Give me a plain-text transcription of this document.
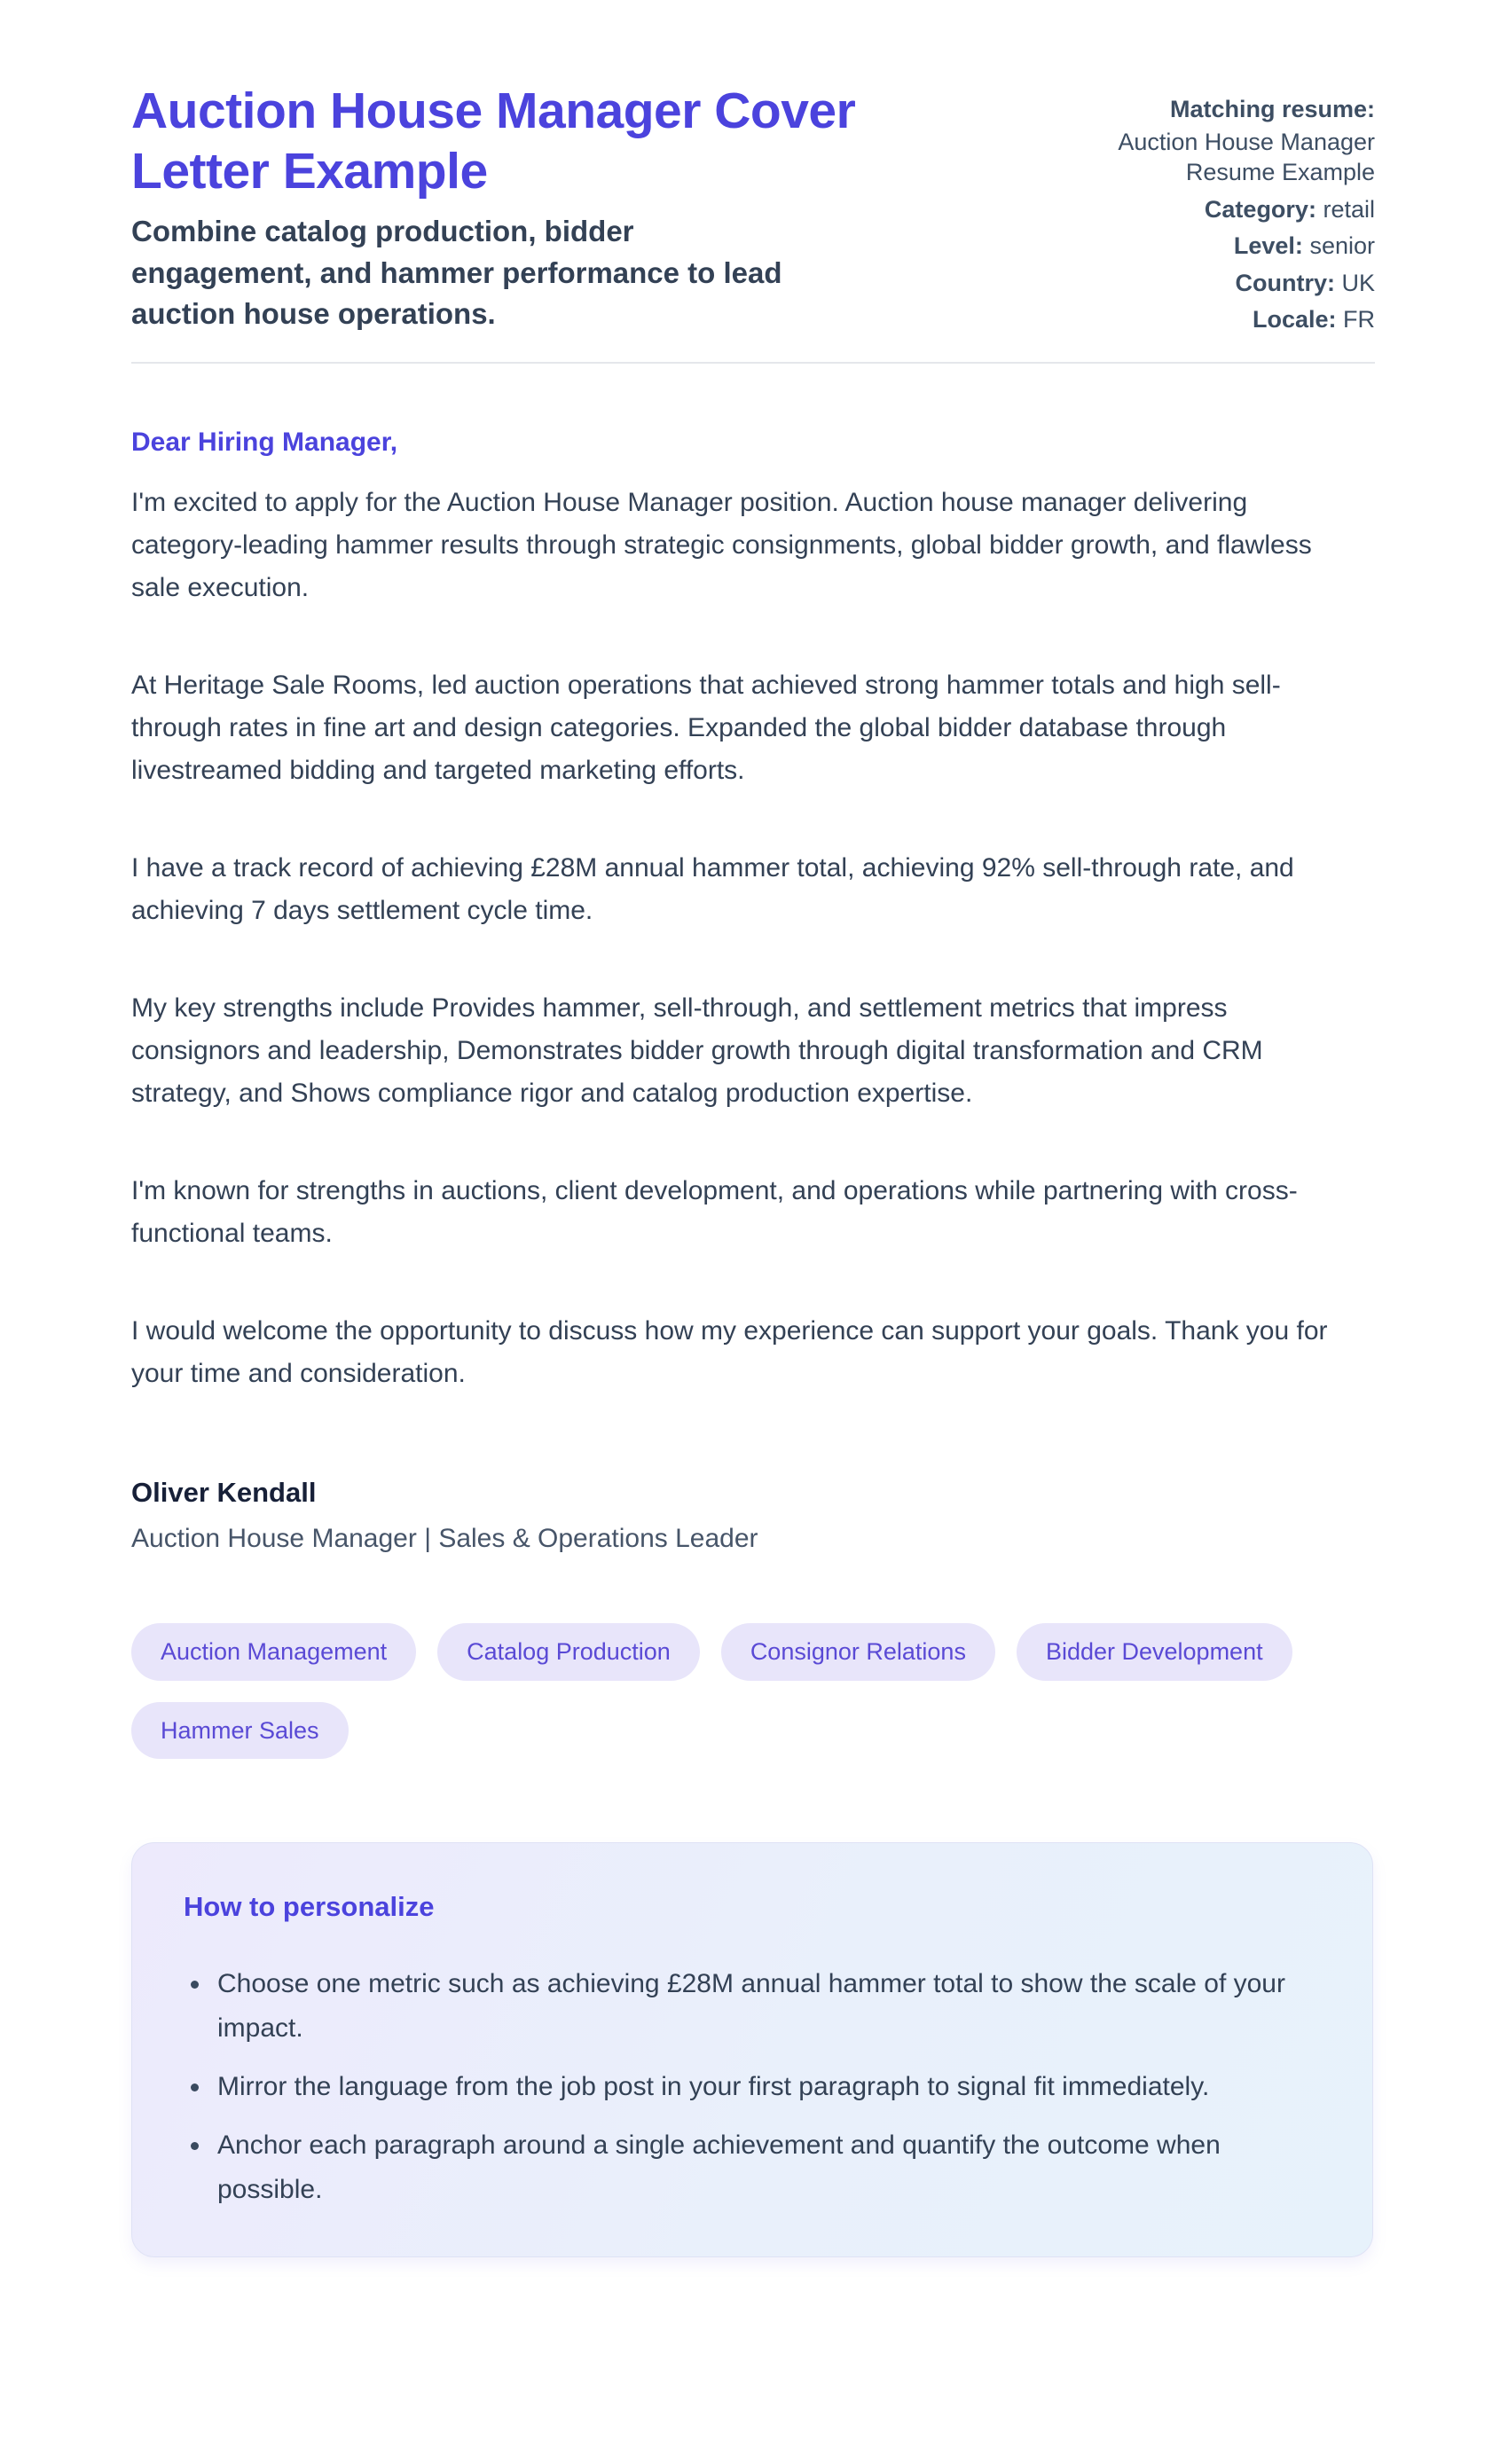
Auction House Manager Cover Letter Example

Combine catalog production, bidder engagement, and hammer performance to lead auction house operations.

Matching resume:
Auction House Manager Resume Example
Category: retail
Level: senior
Country: UK
Locale: FR

Dear Hiring Manager,

I'm excited to apply for the Auction House Manager position. Auction house manager delivering category-leading hammer results through strategic consignments, global bidder growth, and flawless sale execution.

At Heritage Sale Rooms, led auction operations that achieved strong hammer totals and high sell-through rates in fine art and design categories. Expanded the global bidder database through livestreamed bidding and targeted marketing efforts.

I have a track record of achieving £28M annual hammer total, achieving 92% sell-through rate, and achieving 7 days settlement cycle time.

My key strengths include Provides hammer, sell-through, and settlement metrics that impress consignors and leadership, Demonstrates bidder growth through digital transformation and CRM strategy, and Shows compliance rigor and catalog production expertise.

I'm known for strengths in auctions, client development, and operations while partnering with cross-functional teams.

I would welcome the opportunity to discuss how my experience can support your goals. Thank you for your time and consideration.

Oliver Kendall

Auction House Manager | Sales & Operations Leader

Auction Management	Catalog Production	Consignor Relations	Bidder Development
Hammer Sales
How to personalize
Choose one metric such as achieving £28M annual hammer total to show the scale of your impact.
Mirror the language from the job post in your first paragraph to signal fit immediately.
Anchor each paragraph around a single achievement and quantify the outcome when possible.
